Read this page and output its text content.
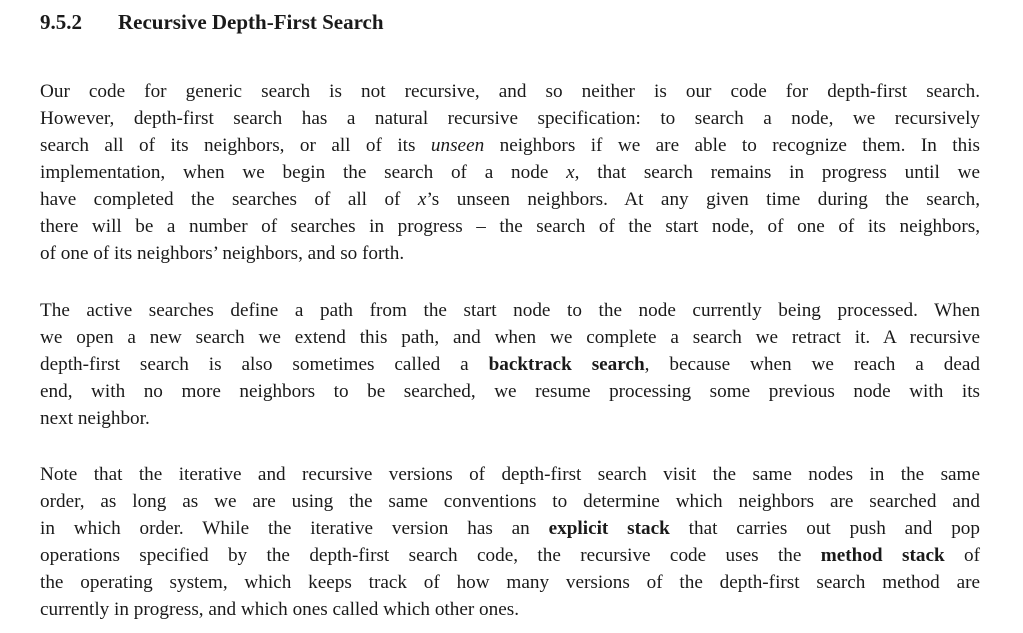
9.5.2 Recursive Depth-First Search
Our code for generic search is not recursive, and so neither is our code for depth-first search.
However, depth-first search has a natural recursive specification: to search a node, we recursively
search all of its neighbors, or all of its unseen neighbors if we are able to recognize them. In this
implementation, when we begin the search of a node x, that search remains in progress until we
have completed the searches of all of x’s unseen neighbors. At any given time during the search,
there will be a number of searches in progress – the search of the start node, of one of its neighbors,
of one of its neighbors’ neighbors, and so forth.
The active searches define a path from the start node to the node currently being processed. When
we open a new search we extend this path, and when we complete a search we retract it. A recursive
depth-first search is also sometimes called a backtrack search, because when we reach a dead
end, with no more neighbors to be searched, we resume processing some previous node with its
next neighbor.
Note that the iterative and recursive versions of depth-first search visit the same nodes in the same
order, as long as we are using the same conventions to determine which neighbors are searched and
in which order. While the iterative version has an explicit stack that carries out push and pop
operations specified by the depth-first search code, the recursive code uses the method stack of
the operating system, which keeps track of how many versions of the depth-first search method are
currently in progress, and which ones called which other ones.
